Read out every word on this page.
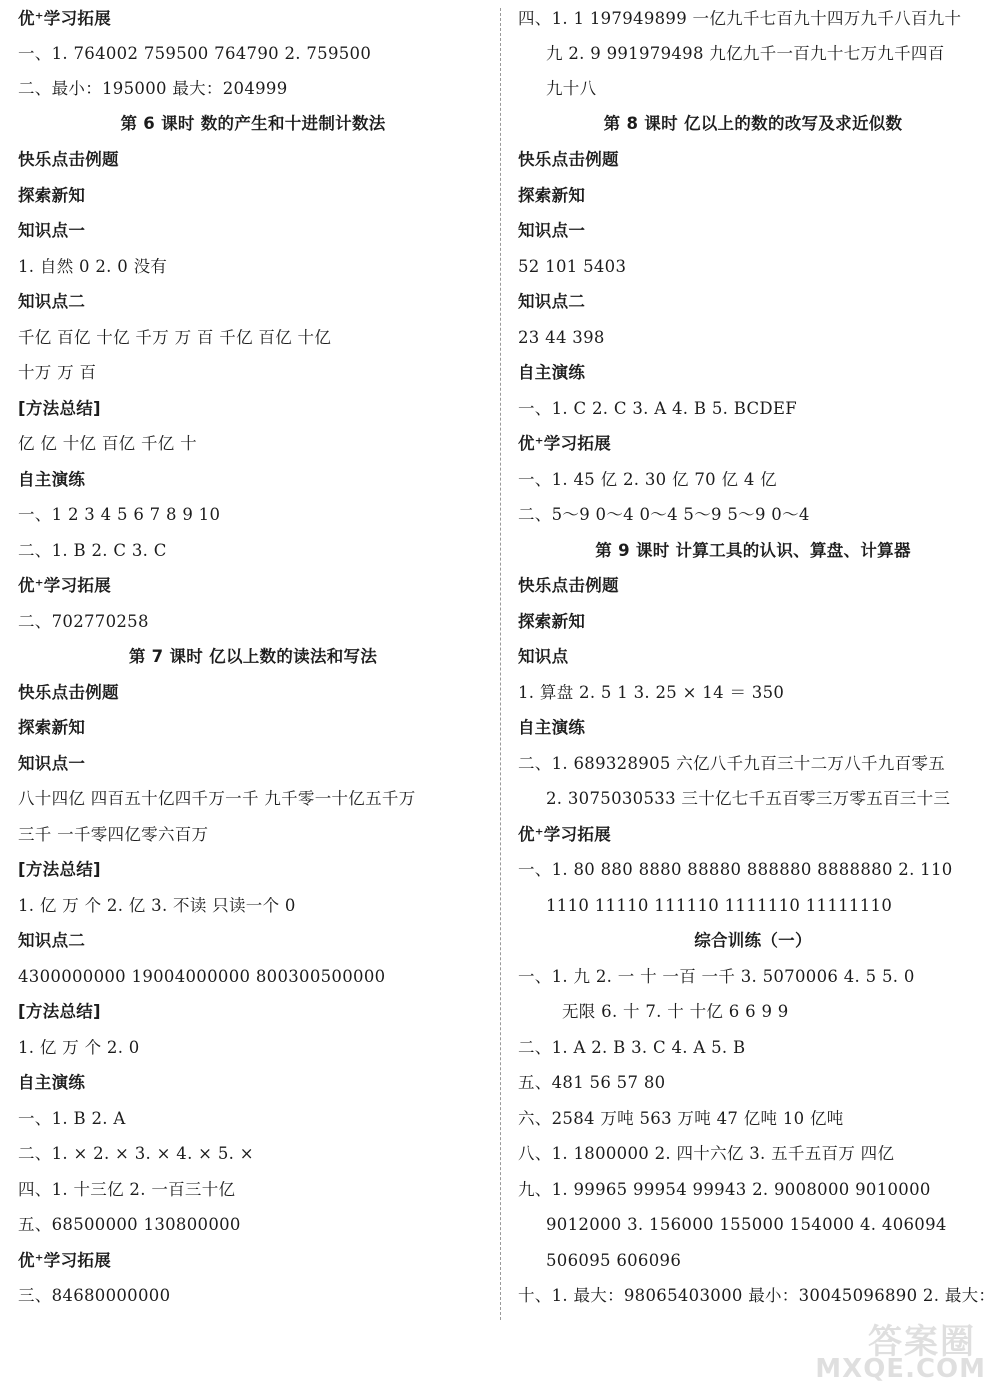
优⁺学习拓展
一、1. 764002 759500 764790 2. 759500
二、最小：195000 最大：204999
第 6 课时 数的产生和十进制计数法
快乐点击例题
探索新知
知识点一
1. 自然 0 2. 0 没有
知识点二
千亿 百亿 十亿 千万 万 百 千亿 百亿 十亿
十万 万 百
[方法总结]
亿 亿 十亿 百亿 千亿 十
自主演练
一、1 2 3 4 5 6 7 8 9 10
二、1. B 2. C 3. C
优⁺学习拓展
二、702770258
第 7 课时 亿以上数的读法和写法
快乐点击例题
探索新知
知识点一
八十四亿 四百五十亿四千万一千 九千零一十亿五千万
三千 一千零四亿零六百万
[方法总结]
1. 亿 万 个 2. 亿 3. 不读 只读一个 0
知识点二
4300000000 19004000000 800300500000
[方法总结]
1. 亿 万 个 2. 0
自主演练
一、1. B 2. A
二、1. × 2. × 3. × 4. × 5. ×
四、1. 十三亿 2. 一百三十亿
五、68500000 130800000
优⁺学习拓展
三、84680000000
四、1. 1 197949899 一亿九千七百九十四万九千八百九十
九 2. 9 991979498 九亿九千一百九十七万九千四百
九十八
第 8 课时 亿以上的数的改写及求近似数
快乐点击例题
探索新知
知识点一
52 101 5403
知识点二
23 44 398
自主演练
一、1. C 2. C 3. A 4. B 5. BCDEF
优⁺学习拓展
一、1. 45 亿 2. 30 亿 70 亿 4 亿
二、5～9 0～4 0～4 5～9 5～9 0～4
第 9 课时 计算工具的认识、算盘、计算器
快乐点击例题
探索新知
知识点
1. 算盘 2. 5 1 3. 25 × 14 ＝ 350
自主演练
二、1. 689328905 六亿八千九百三十二万八千九百零五
2. 3075030533 三十亿七千五百零三万零五百三十三
优⁺学习拓展
一、1. 80 880 8880 88880 888880 8888880 2. 110
1110 11110 111110 1111110 11111110
综合训练（一）
一、1. 九 2. 一 十 一百 一千 3. 5070006 4. 5 5. 0
无限 6. 十 7. 十 十亿 6 6 9 9
二、1. A 2. B 3. C 4. A 5. B
五、481 56 57 80
六、2584 万吨 563 万吨 47 亿吨 10 亿吨
八、1. 1800000 2. 四十六亿 3. 五千五百万 四亿
九、1. 99965 99954 99943 2. 9008000 9010000
9012000 3. 156000 155000 154000 4. 406094
506095 606096
十、1. 最大：98065403000 最小：30045096890 2. 最大：
答案圈
MXQE.COM
